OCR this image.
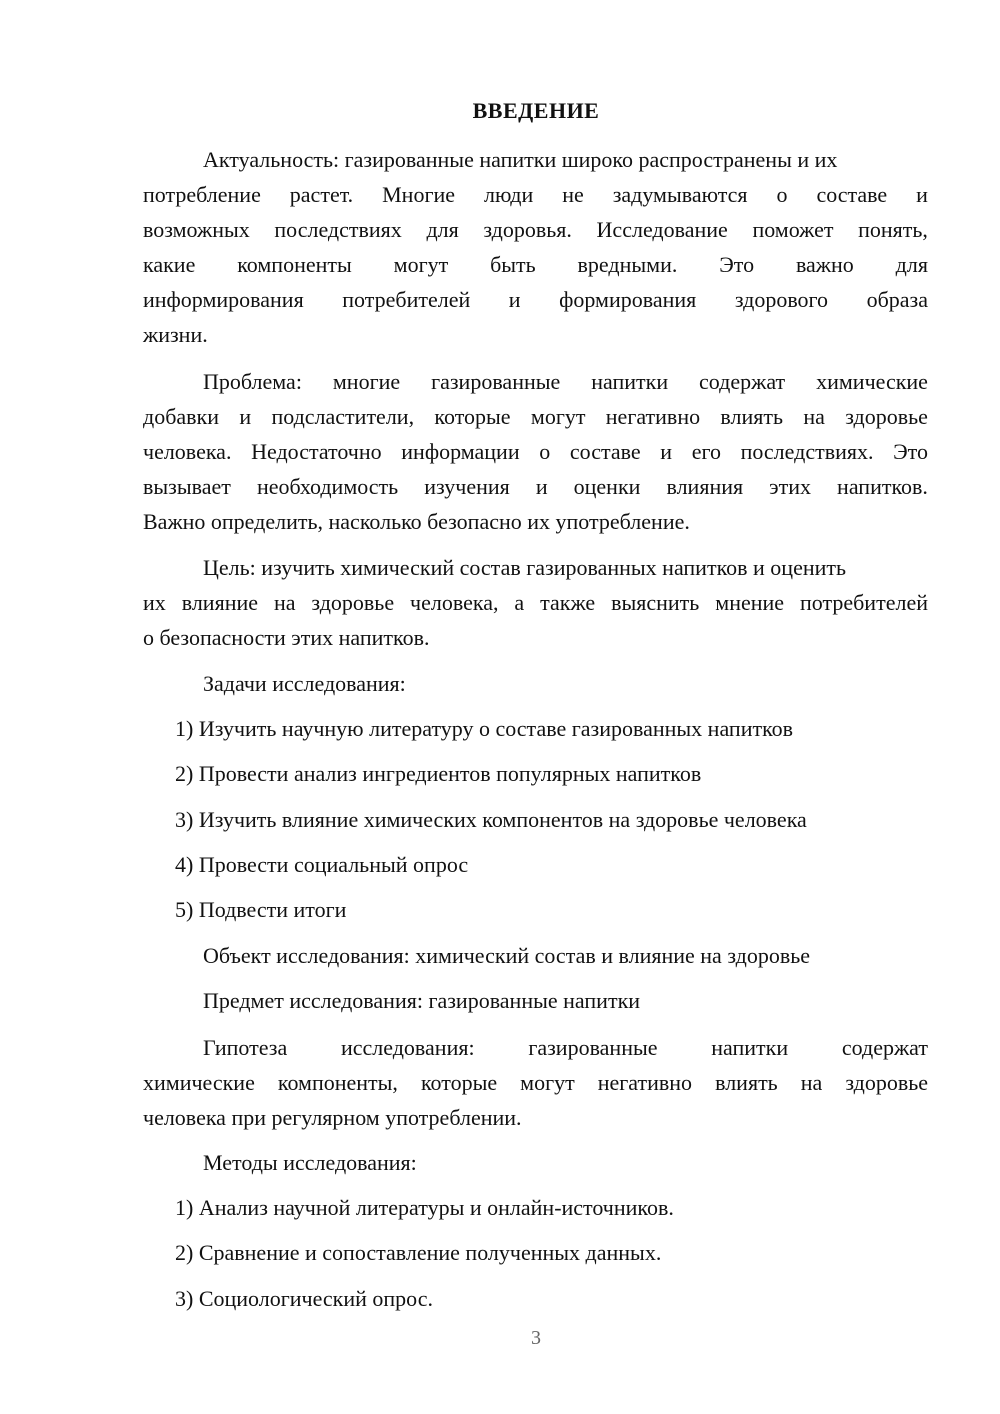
ВВЕДЕНИЕ
Актуальность: газированные напитки широко распространены и их
потребление растет. Многие люди не задумываются о составе и
возможных последствиях для здоровья. Исследование поможет понять,
какие компоненты могут быть вредными. Это важно для
информирования потребителей и формирования здорового образа
жизни.
Проблема: многие газированные напитки содержат химические
добавки и подсластители, которые могут негативно влиять на здоровье
человека. Недостаточно информации о составе и его последствиях. Это
вызывает необходимость изучения и оценки влияния этих напитков.
Важно определить, насколько безопасно их употребление.
Цель: изучить химический состав газированных напитков и оценить
их влияние на здоровье человека, а также выяснить мнение потребителей
о безопасности этих напитков.
Задачи исследования:
1) Изучить научную литературу о составе газированных напитков
2) Провести анализ ингредиентов популярных напитков
3) Изучить влияние химических компонентов на здоровье человека
4) Провести социальный опрос
5) Подвести итоги
Объект исследования: химический состав и влияние на здоровье
Предмет исследования: газированные напитки
Гипотеза исследования: газированные напитки содержат
химические компоненты, которые могут негативно влиять на здоровье
человека при регулярном употреблении.
Методы исследования:
1) Анализ научной литературы и онлайн-источников.
2) Сравнение и сопоставление полученных данных.
3) Социологический опрос.
3
